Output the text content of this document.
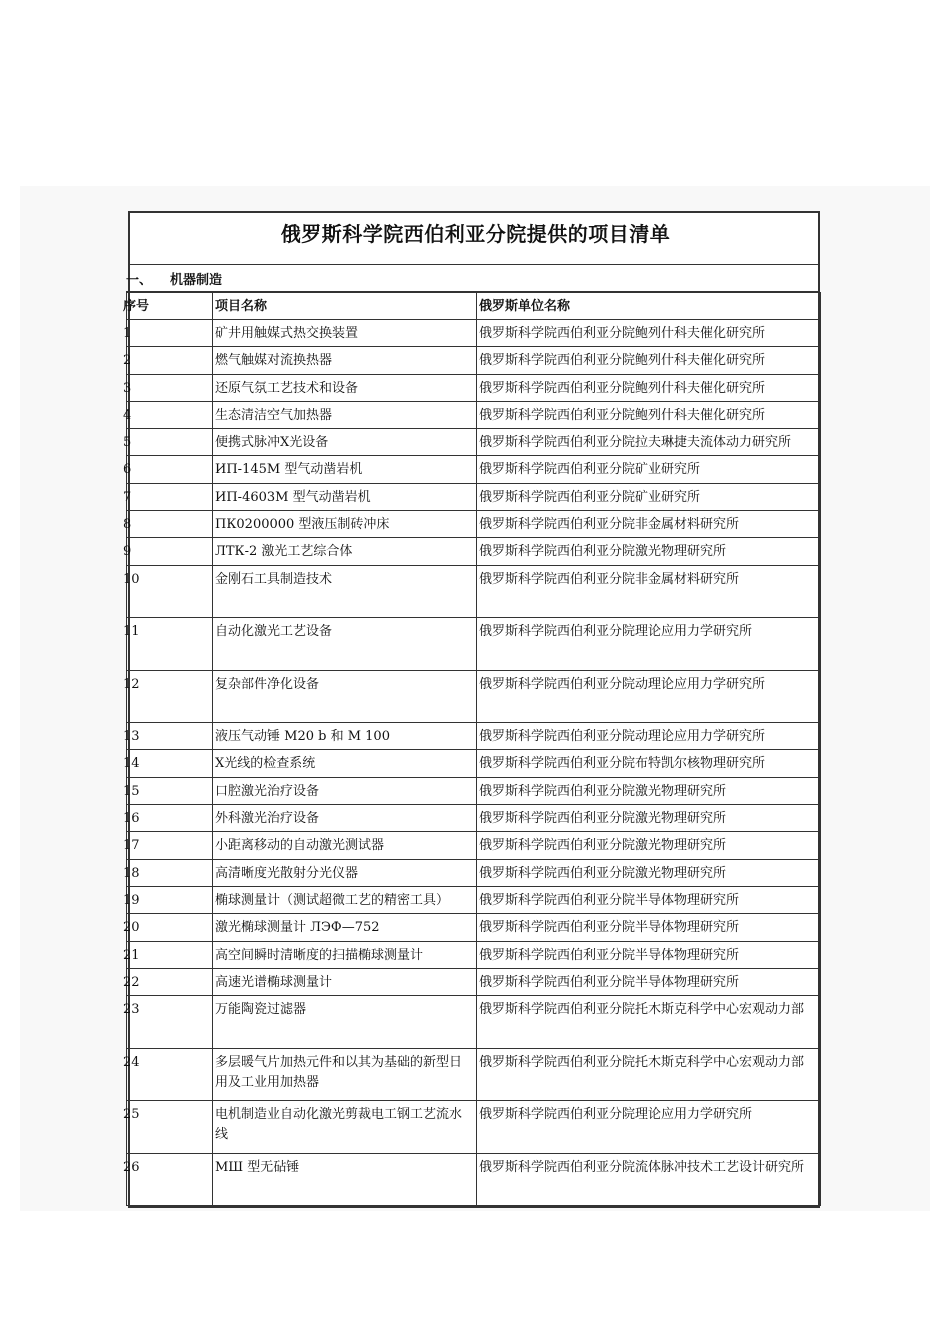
俄罗斯科学院西伯利亚分院提供的项目清单
一、 机器制造
序号	项目名称	俄罗斯单位名称
1	矿井用触媒式热交换装置	俄罗斯科学院西伯利亚分院鲍列什科夫催化研究所
2	燃气触媒对流换热器	俄罗斯科学院西伯利亚分院鲍列什科夫催化研究所
3	还原气氛工艺技术和设备	俄罗斯科学院西伯利亚分院鲍列什科夫催化研究所
4	生态清洁空气加热器	俄罗斯科学院西伯利亚分院鲍列什科夫催化研究所
5	便携式脉冲X光设备	俄罗斯科学院西伯利亚分院拉夫琳捷夫流体动力研究所
6	ИП-145M 型气动凿岩机	俄罗斯科学院西伯利亚分院矿业研究所
7	ИП-4603M 型气动凿岩机	俄罗斯科学院西伯利亚分院矿业研究所
8	ПК0200000 型液压制砖冲床	俄罗斯科学院西伯利亚分院非金属材料研究所
9	ЛТК-2 激光工艺综合体	俄罗斯科学院西伯利亚分院激光物理研究所
10	金刚石工具制造技术	俄罗斯科学院西伯利亚分院非金属材料研究所
11	自动化激光工艺设备	俄罗斯科学院西伯利亚分院理论应用力学研究所
12	复杂部件净化设备	俄罗斯科学院西伯利亚分院动理论应用力学研究所
13	液压气动锤 M20 b 和 M 100	俄罗斯科学院西伯利亚分院动理论应用力学研究所
14	X光线的检查系统	俄罗斯科学院西伯利亚分院布特凯尔核物理研究所
15	口腔激光治疗设备	俄罗斯科学院西伯利亚分院激光物理研究所
16	外科激光治疗设备	俄罗斯科学院西伯利亚分院激光物理研究所
17	小距离移动的自动激光测试器	俄罗斯科学院西伯利亚分院激光物理研究所
18	高清晰度光散射分光仪器	俄罗斯科学院西伯利亚分院激光物理研究所
19	椭球测量计（测试超微工艺的精密工具）	俄罗斯科学院西伯利亚分院半导体物理研究所
20	激光椭球测量计 ЛЭФ—752	俄罗斯科学院西伯利亚分院半导体物理研究所
21	高空间瞬时清晰度的扫描椭球测量计	俄罗斯科学院西伯利亚分院半导体物理研究所
22	高速光谱椭球测量计	俄罗斯科学院西伯利亚分院半导体物理研究所
23	万能陶瓷过滤器	俄罗斯科学院西伯利亚分院托木斯克科学中心宏观动力部
24	多层暖气片加热元件和以其为基础的新型日用及工业用加热器	俄罗斯科学院西伯利亚分院托木斯克科学中心宏观动力部
25	电机制造业自动化激光剪裁电工钢工艺流水线	俄罗斯科学院西伯利亚分院理论应用力学研究所
26	MШ 型无砧锤	俄罗斯科学院西伯利亚分院流体脉冲技术工艺设计研究所
